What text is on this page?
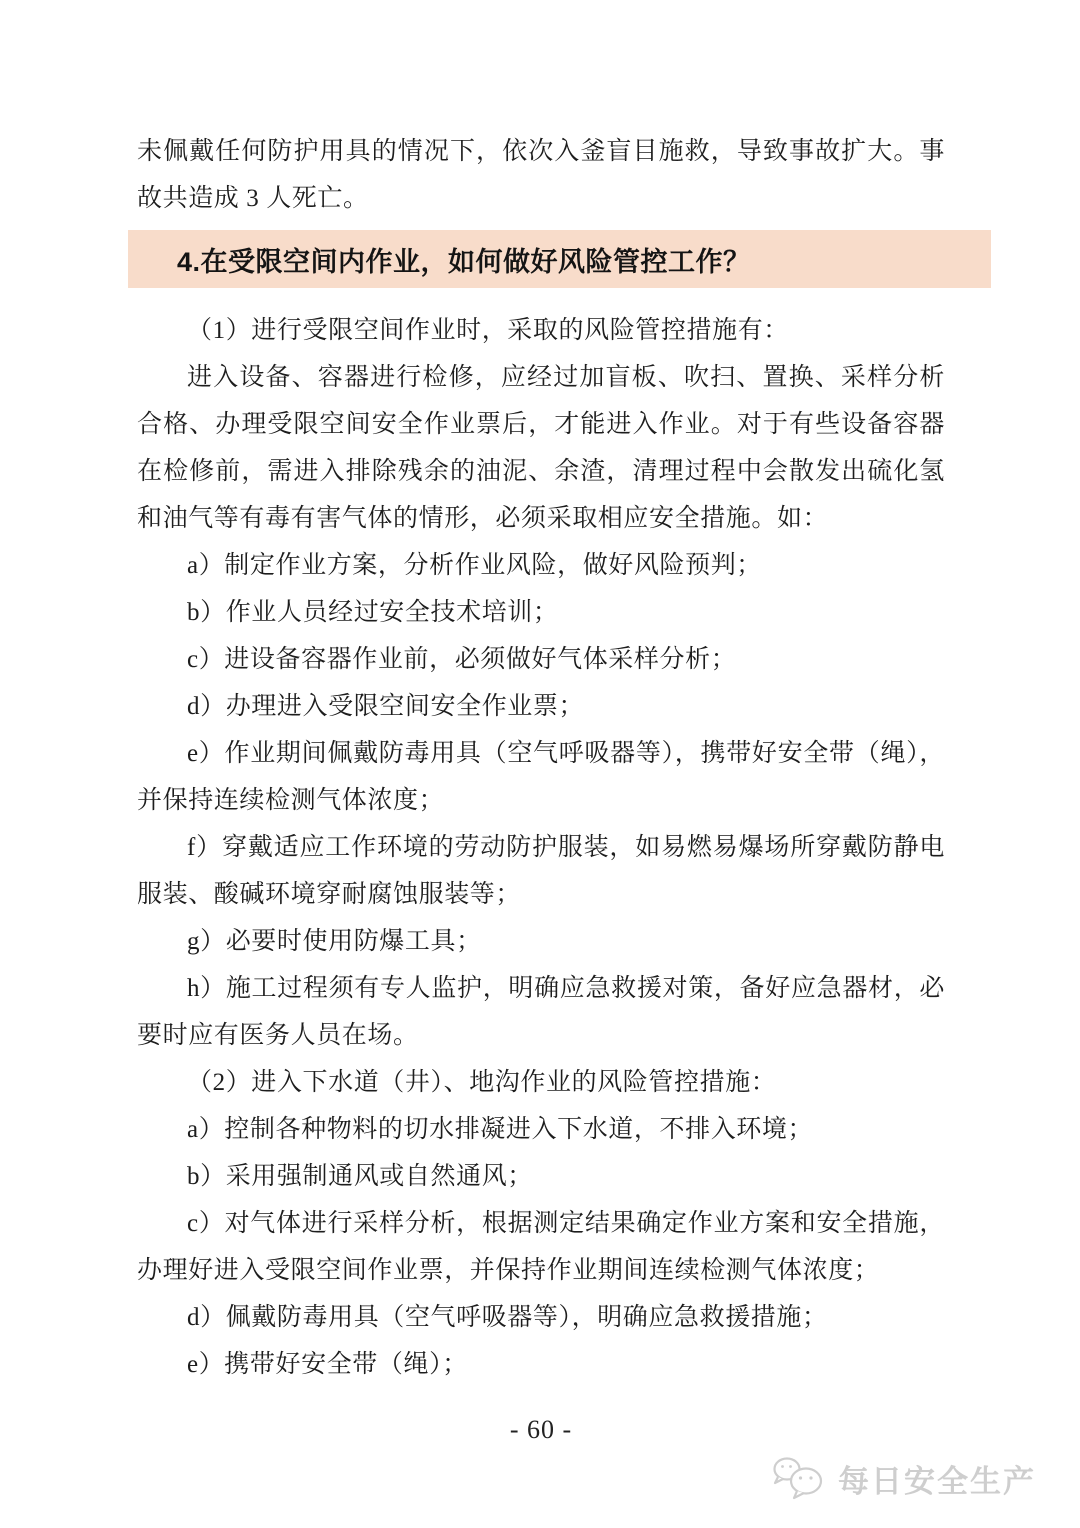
未佩戴任何防护用具的情况下，依次入釜盲目施救，导致事故扩大。事故共造成 3 人死亡。

4.在受限空间内作业，如何做好风险管控工作？

（1）进行受限空间作业时，采取的风险管控措施有：

进入设备、容器进行检修，应经过加盲板、吹扫、置换、采样分析合格、办理受限空间安全作业票后，才能进入作业。对于有些设备容器在检修前，需进入排除残余的油泥、余渣，清理过程中会散发出硫化氢和油气等有毒有害气体的情形，必须采取相应安全措施。如：

a）制定作业方案，分析作业风险，做好风险预判；

b）作业人员经过安全技术培训；

c）进设备容器作业前，必须做好气体采样分析；

d）办理进入受限空间安全作业票；

e）作业期间佩戴防毒用具（空气呼吸器等），携带好安全带（绳），并保持连续检测气体浓度；

f）穿戴适应工作环境的劳动防护服装，如易燃易爆场所穿戴防静电服装、酸碱环境穿耐腐蚀服装等；

g）必要时使用防爆工具；

h）施工过程须有专人监护，明确应急救援对策，备好应急器材，必要时应有医务人员在场。

（2）进入下水道（井）、地沟作业的风险管控措施：

a）控制各种物料的切水排凝进入下水道，不排入环境；

b）采用强制通风或自然通风；

c）对气体进行采样分析，根据测定结果确定作业方案和安全措施，办理好进入受限空间作业票，并保持作业期间连续检测气体浓度；

d）佩戴防毒用具（空气呼吸器等），明确应急救援措施；

e）携带好安全带（绳）；

- 60 -
每日安全生产
